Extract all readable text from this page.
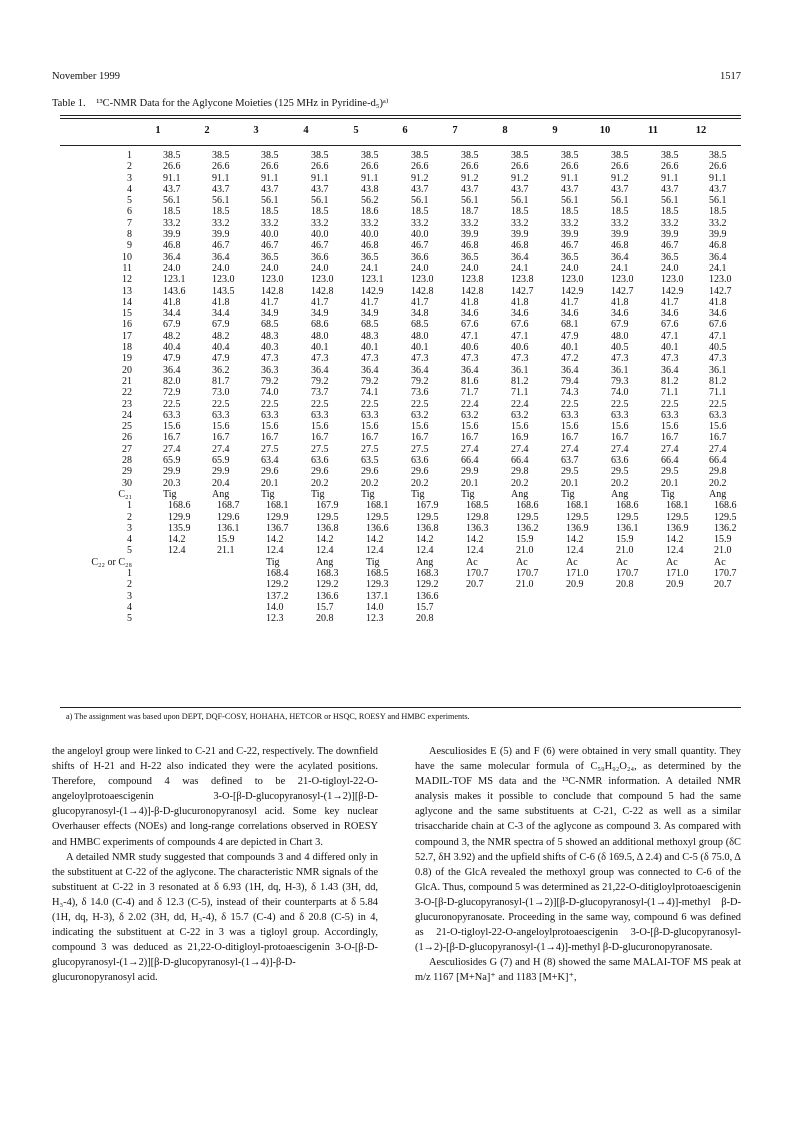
November 1999	1517
Table 1. ¹³C-NMR Data for the Aglycone Moieties (125 MHz in Pyridine-d₅)ᵃ⁾
1	2	3	4	5	6	7	8	9	10	11	12
1	38.5	38.5	38.5	38.5	38.5	38.5	38.5	38.5	38.5	38.5	38.5	38.5
2	26.6	26.6	26.6	26.6	26.6	26.6	26.6	26.6	26.6	26.6	26.6	26.6
3	91.1	91.1	91.1	91.1	91.1	91.2	91.2	91.2	91.1	91.2	91.1	91.1
4	43.7	43.7	43.7	43.7	43.8	43.7	43.7	43.7	43.7	43.7	43.7	43.7
5	56.1	56.1	56.1	56.1	56.2	56.1	56.1	56.1	56.1	56.1	56.1	56.1
6	18.5	18.5	18.5	18.5	18.6	18.5	18.7	18.5	18.5	18.5	18.5	18.5
7	33.2	33.2	33.2	33.2	33.2	33.2	33.2	33.2	33.2	33.2	33.2	33.2
8	39.9	39.9	40.0	40.0	40.0	40.0	39.9	39.9	39.9	39.9	39.9	39.9
9	46.8	46.7	46.7	46.7	46.8	46.7	46.8	46.8	46.7	46.8	46.7	46.8
10	36.4	36.4	36.5	36.6	36.5	36.6	36.5	36.4	36.5	36.4	36.5	36.4
11	24.0	24.0	24.0	24.0	24.1	24.0	24.0	24.1	24.0	24.1	24.0	24.1
12	123.1	123.0	123.0	123.0	123.1	123.0	123.8	123.8	123.0	123.0	123.0	123.0
13	143.6	143.5	142.8	142.8	142.9	142.8	142.8	142.7	142.9	142.7	142.9	142.7
14	41.8	41.8	41.7	41.7	41.7	41.7	41.8	41.8	41.7	41.8	41.7	41.8
15	34.4	34.4	34.9	34.9	34.9	34.8	34.6	34.6	34.6	34.6	34.6	34.6
16	67.9	67.9	68.5	68.6	68.5	68.5	67.6	67.6	68.1	67.9	67.6	67.6
17	48.2	48.2	48.3	48.0	48.3	48.0	47.1	47.1	47.9	48.0	47.1	47.1
18	40.4	40.4	40.3	40.1	40.1	40.1	40.6	40.6	40.1	40.5	40.1	40.5
19	47.9	47.9	47.3	47.3	47.3	47.3	47.3	47.3	47.2	47.3	47.3	47.3
20	36.4	36.2	36.3	36.4	36.4	36.4	36.4	36.1	36.4	36.1	36.4	36.1
21	82.0	81.7	79.2	79.2	79.2	79.2	81.6	81.2	79.4	79.3	81.2	81.2
22	72.9	73.0	74.0	73.7	74.1	73.6	71.7	71.1	74.3	74.0	71.1	71.1
23	22.5	22.5	22.5	22.5	22.5	22.5	22.4	22.4	22.5	22.5	22.5	22.5
24	63.3	63.3	63.3	63.3	63.3	63.2	63.2	63.2	63.3	63.3	63.3	63.3
25	15.6	15.6	15.6	15.6	15.6	15.6	15.6	15.6	15.6	15.6	15.6	15.6
26	16.7	16.7	16.7	16.7	16.7	16.7	16.7	16.9	16.7	16.7	16.7	16.7
27	27.4	27.4	27.5	27.5	27.5	27.5	27.4	27.4	27.4	27.4	27.4	27.4
28	65.9	65.9	63.4	63.6	63.5	63.6	66.4	66.4	63.7	63.6	66.4	66.4
29	29.9	29.9	29.6	29.6	29.6	29.6	29.9	29.8	29.5	29.5	29.5	29.8
30	20.3	20.4	20.1	20.2	20.2	20.2	20.1	20.2	20.1	20.2	20.1	20.2
C₂₁	Tig	Ang	Tig	Tig	Tig	Tig	Tig	Ang	Tig	Ang	Tig	Ang
1	168.6	168.7	168.1	167.9	168.1	167.9	168.5	168.6	168.1	168.6	168.1	168.6
2	129.9	129.6	129.9	129.5	129.5	129.5	129.8	129.5	129.5	129.5	129.5	129.5
3	135.9	136.1	136.7	136.8	136.6	136.8	136.3	136.2	136.9	136.1	136.9	136.2
4	14.2	15.9	14.2	14.2	14.2	14.2	14.2	15.9	14.2	15.9	14.2	15.9
5	12.4	21.1	12.4	12.4	12.4	12.4	12.4	21.0	12.4	21.0	12.4	21.0
C₂₂ or C₂₈			Tig	Ang	Tig	Ang	Ac	Ac	Ac	Ac	Ac	Ac
1			168.4	168.3	168.5	168.3	170.7	170.7	171.0	170.7	171.0	170.7
2			129.2	129.2	129.3	129.2	20.7	21.0	20.9	20.8	20.9	20.7
3			137.2	136.6	137.1	136.6						
4			14.0	15.7	14.0	15.7						
5			12.3	20.8	12.3	20.8						
a) The assignment was based upon DEPT, DQF-COSY, HOHAHA, HETCOR or HSQC, ROESY and HMBC experiments.

the angeloyl group were linked to C-21 and C-22, respectively. The downfield shifts of H-21 and H-22 also indicated they were the acylated positions. Therefore, compound 4 was defined to be 21-O-tigloyl-22-O-angeloylprotoaescigenin 3-O-[β-D-glucopyranosyl-(1→2)][β-D-glucopyranosyl-(1→4)]-β-D-glucuronopyranosyl acid. Some key nuclear Overhauser effects (NOEs) and long-range correlations observed in ROESY and HMBC experiments of compounds 4 are depicted in Chart 3.

A detailed NMR study suggested that compounds 3 and 4 differed only in the substituent at C-22 of the aglycone. The characteristic NMR signals of the substituent at C-22 in 3 resonated at δ 6.93 (1H, dq, H-3), δ 1.43 (3H, dd, H₃-4), δ 14.0 (C-4) and δ 12.3 (C-5), instead of their counterparts at δ 5.84 (1H, dq, H-3), δ 2.02 (3H, dd, H₃-4), δ 15.7 (C-4) and δ 20.8 (C-5) in 4, indicating the substituent at C-22 in 3 was a tigloyl group. Accordingly, compound 3 was deduced as 21,22-O-ditigloyl-protoaescigenin 3-O-[β-D-glucopyranosyl-(1→2)][β-D-glucopyranosyl-(1→4)]-β-D-glucuronopyranosyl acid.

Aesculiosides E (5) and F (6) were obtained in very small quantity. They have the same molecular formula of C₅₉H₉₂O₂₄, as determined by the MADIL-TOF MS data and the ¹³C-NMR information. A detailed NMR analysis makes it possible to conclude that compound 5 had the same aglycone and the same substituents at C-21, C-22 as well as a similar trisaccharide chain at C-3 of the aglycone as compound 3. As compared with compound 3, the NMR spectra of 5 showed an additional methoxyl group (δC 52.7, δH 3.92) and the upfield shifts of C-6 (δ 169.5, Δ 2.4) and C-5 (δ 75.0, Δ 0.8) of the GlcA revealed the methoxyl group was connected to C-6 of the GlcA. Thus, compound 5 was determined as 21,22-O-ditigloylprotoaescigenin 3-O-[β-D-glucopyranosyl-(1→2)][β-D-glucopyranosyl-(1→4)]-methyl β-D-glucuronopyranosate. Proceeding in the same way, compound 6 was defined as 21-O-tigloyl-22-O-angeloylprotoaescigenin 3-O-[β-D-glucopyranosyl-(1→2)-[β-D-glucopyranosyl-(1→4)]-methyl β-D-glucuronopyranosate.

Aesculiosides G (7) and H (8) showed the same MALAI-TOF MS peak at m/z 1167 [M+Na]⁺ and 1183 [M+K]⁺,
